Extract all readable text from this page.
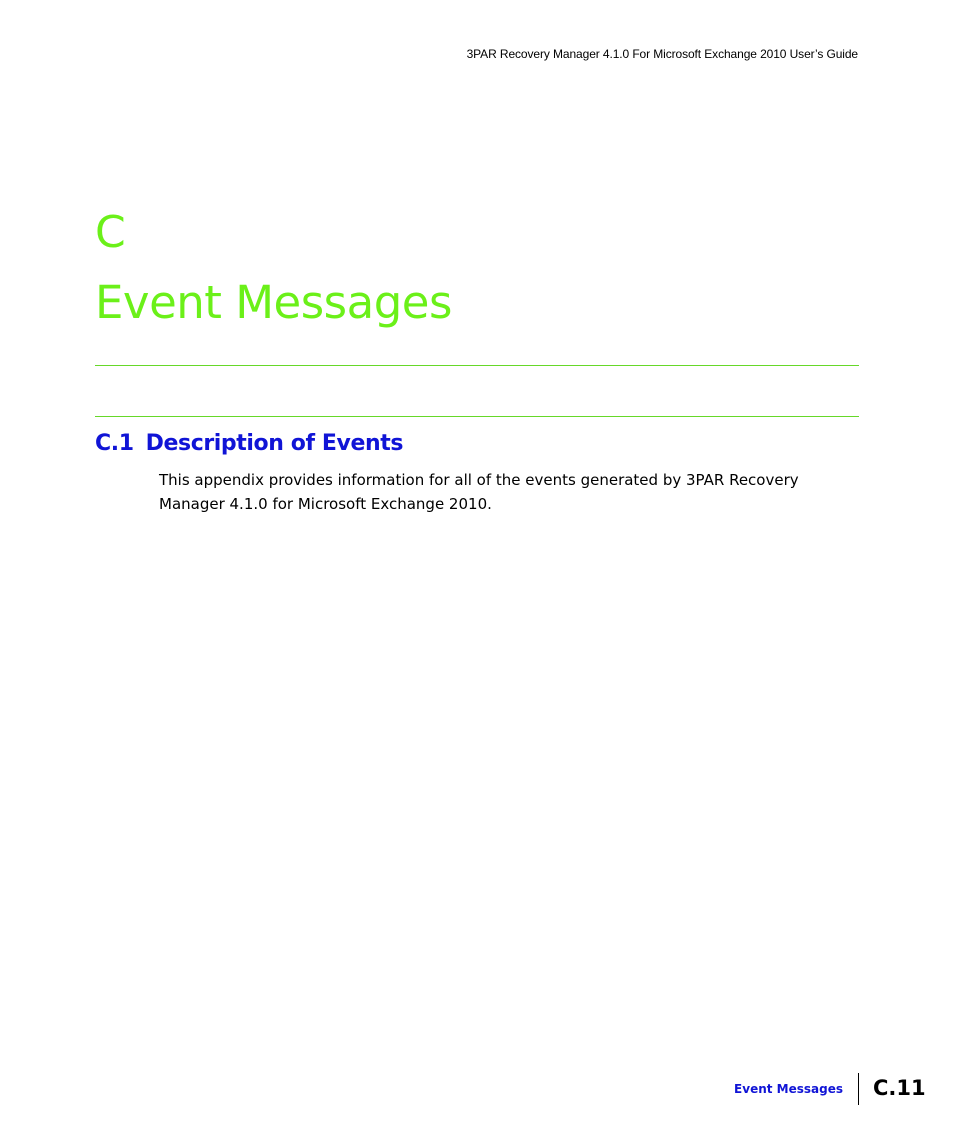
3PAR Recovery Manager 4.1.0 For Microsoft Exchange 2010 User’s Guide
C
Event Messages
C.1 Description of Events
This appendix provides information for all of the events generated by 3PAR Recovery Manager 4.1.0 for Microsoft Exchange 2010.
Event Messages C.11
